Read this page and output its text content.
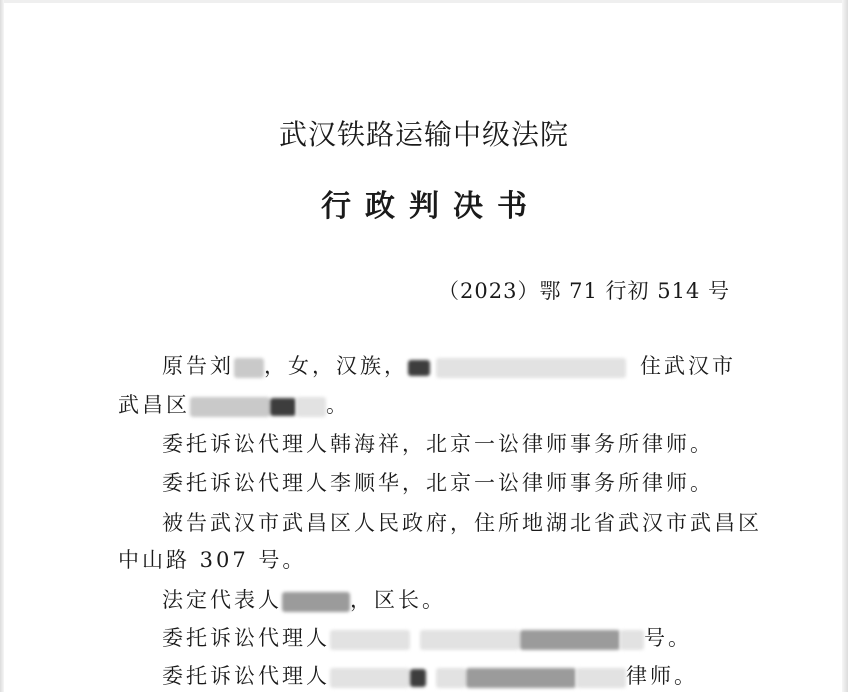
武汉铁路运输中级法院
行政判决书
（2023）鄂 71 行初 514 号
原告刘 ，女，汉族，	住武汉市
武昌区	。
委托诉讼代理人韩海祥，北京一讼律师事务所律师。
委托诉讼代理人李顺华，北京一讼律师事务所律师。
被告武汉市武昌区人民政府，住所地湖北省武汉市武昌区
中山路 307 号。
法定代表人	，区长。
委托诉讼代理人	号。
委托诉讼代理人	律师。
